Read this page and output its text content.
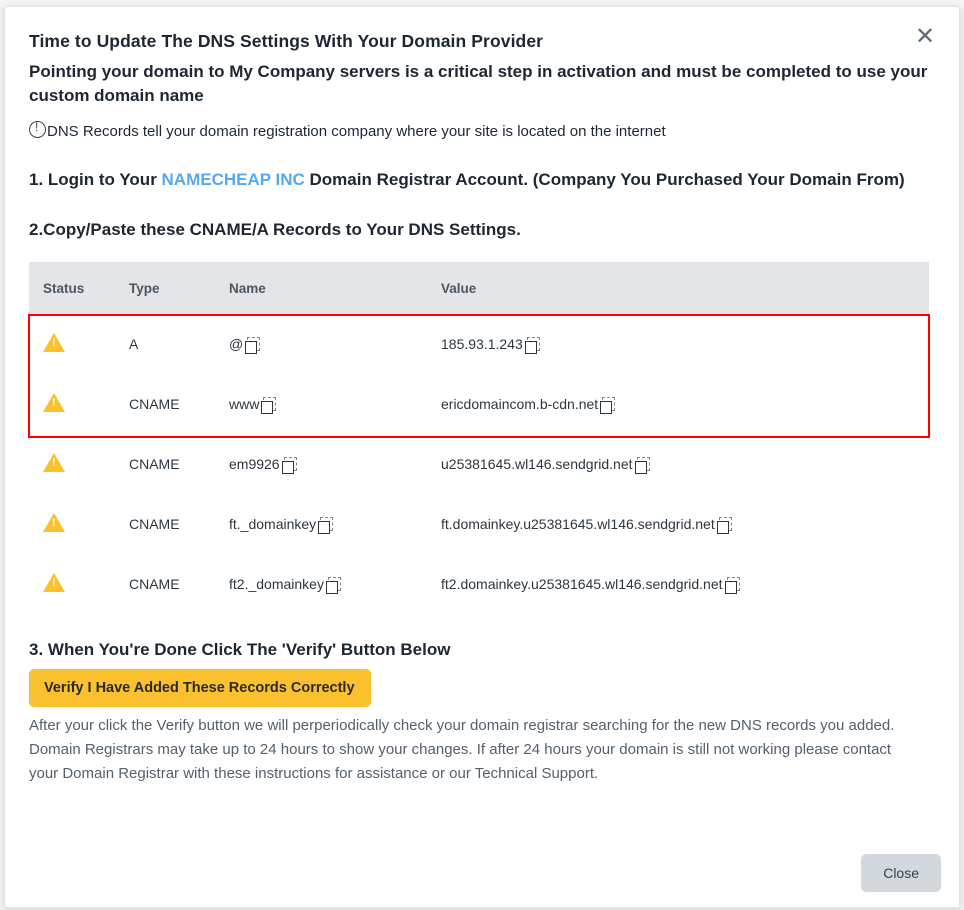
✕
Time to Update The DNS Settings With Your Domain Provider
Pointing your domain to My Company servers is a critical step in activation and must be completed to use your custom domain name
!
DNS Records tell your domain registration company where your site is located on the internet
1. Login to Your NAMECHEAP INC Domain Registrar Account. (Company You Purchased Your Domain From)
2.Copy/Paste these CNAME/A Records to Your DNS Settings.
Status	Type	Name	Value
!	A	@	185.93.1.243
!	CNAME	www	ericdomaincom.b-cdn.net
!	CNAME	em9926	u25381645.wl146.sendgrid.net
!	CNAME	ft._domainkey	ft.domainkey.u25381645.wl146.sendgrid.net
!	CNAME	ft2._domainkey	ft2.domainkey.u25381645.wl146.sendgrid.net
3. When You're Done Click The 'Verify' Button Below
Verify I Have Added These Records Correctly
After your click the Verify button we will perperiodically check your domain registrar searching for the new DNS records you added. Domain Registrars may take up to 24 hours to show your changes. If after 24 hours your domain is still not working please contact your Domain Registrar with these instructions for assistance or our Technical Support.
Close
